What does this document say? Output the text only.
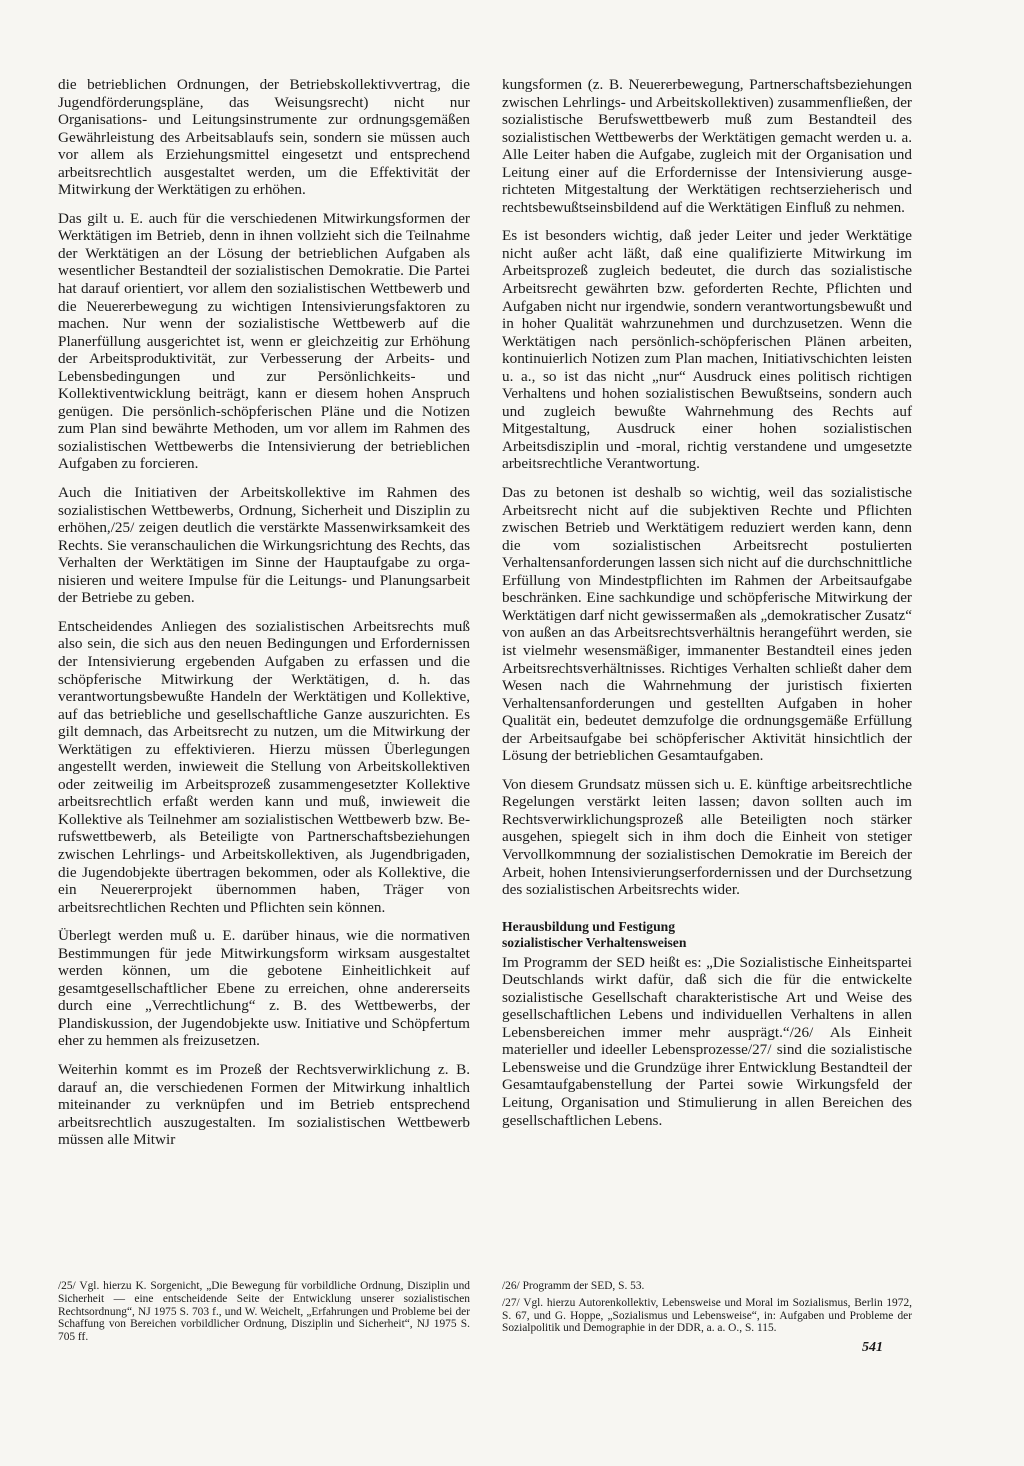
die betrieblichen Ordnungen, der Betriebskollektivvertrag, die Jugendförderungspläne, das Weisungsrecht) nicht nur Organisations- und Leitungsinstrumente zur ordnungsgemäßen Gewährleistung des Arbeitsablaufs sein, sondern sie müssen auch vor allem als Erziehungsmittel eingesetzt und entsprechend arbeitsrechtlich ausgestaltet werden, um die Effektivität der Mitwirkung der Werktätigen zu erhöhen.

Das gilt u. E. auch für die verschiedenen Mitwirkungsformen der Werktätigen im Betrieb, denn in ihnen vollzieht sich die Teilnahme der Werktätigen an der Lösung der betrieblichen Aufgaben als wesentlicher Bestandteil der sozialistischen Demokratie. Die Partei hat darauf orientiert, vor allem den sozialistischen Wettbewerb und die Neuererbewegung zu wichtigen Intensivierungsfaktoren zu machen. Nur wenn der sozialistische Wettbewerb auf die Planerfüllung ausgerichtet ist, wenn er gleichzeitig zur Erhöhung der Arbeitsproduktivität, zur Verbesserung der Arbeits- und Lebensbedingungen und zur Persönlichkeits- und Kollektiventwicklung beiträgt, kann er diesem hohen Anspruch genügen. Die persönlich-schöpferischen Pläne und die Notizen zum Plan sind bewährte Methoden, um vor allem im Rahmen des sozialistischen Wettbewerbs die Intensivierung der betrieblichen Aufgaben zu forcieren.

Auch die Initiativen der Arbeitskollektive im Rahmen des sozialistischen Wettbewerbs, Ordnung, Sicherheit und Disziplin zu erhöhen,/25/ zeigen deutlich die verstärkte Massenwirksamkeit des Rechts. Sie veranschaulichen die Wirkungsrichtung des Rechts, das Verhalten der Werktätigen im Sinne der Hauptaufgabe zu organisieren und weitere Impulse für die Leitungs- und Planungsarbeit der Betriebe zu geben.

Entscheidendes Anliegen des sozialistischen Arbeitsrechts muß also sein, die sich aus den neuen Bedingungen und Erfordernissen der Intensivierung ergebenden Aufgaben zu erfassen und die schöpferische Mitwirkung der Werktätigen, d. h. das verantwortungsbewußte Handeln der Werktätigen und Kollektive, auf das betriebliche und gesellschaftliche Ganze auszurichten. Es gilt demnach, das Arbeitsrecht zu nutzen, um die Mitwirkung der Werktätigen zu effektivieren. Hierzu müssen Überlegungen angestellt werden, inwieweit die Stellung von Arbeitskollektiven oder zeitweilig im Arbeitsprozeß zusammengesetzter Kollektive arbeitsrechtlich erfaßt werden kann und muß, inwieweit die Kollektive als Teilnehmer am sozialistischen Wettbewerb bzw. Berufswettbewerb, als Beteiligte von Partnerschaftsbeziehungen zwischen Lehrlings- und Arbeitskollektiven, als Jugendbrigaden, die Jugendobjekte übertragen bekommen, oder als Kollektive, die ein Neuererprojekt übernommen haben, Träger von arbeitsrechtlichen Rechten und Pflichten sein können.

Überlegt werden muß u. E. darüber hinaus, wie die normativen Bestimmungen für jede Mitwirkungsform wirksam ausgestaltet werden können, um die gebotene Einheitlichkeit auf gesamtgesellschaftlicher Ebene zu erreichen, ohne andererseits durch eine „Verrechtlichung“ z. B. des Wettbewerbs, der Plandiskussion, der Jugendobjekte usw. Initiative und Schöpfertum eher zu hemmen als freizusetzen.

Weiterhin kommt es im Prozeß der Rechtsverwirklichung z. B. darauf an, die verschiedenen Formen der Mitwirkung inhaltlich miteinander zu verknüpfen und im Betrieb entsprechend arbeitsrechtlich auszugestalten. Im sozialistischen Wettbewerb müssen alle Mitwir

kungsformen (z. B. Neuererbewegung, Partnerschaftsbeziehungen zwischen Lehrlings- und Arbeitskollektiven) zusammenfließen, der sozialistische Berufswettbewerb muß zum Bestandteil des sozialistischen Wettbewerbs der Werktätigen gemacht werden u. a. Alle Leiter haben die Aufgabe, zugleich mit der Organisation und Leitung einer auf die Erfordernisse der Intensivierung ausgerichteten Mitgestaltung der Werktätigen rechtserzieherisch und rechtsbewußtseinsbildend auf die Werktätigen Einfluß zu nehmen.

Es ist besonders wichtig, daß jeder Leiter und jeder Werktätige nicht außer acht läßt, daß eine qualifizierte Mitwirkung im Arbeitsprozeß zugleich bedeutet, die durch das sozialistische Arbeitsrecht gewährten bzw. geforderten Rechte, Pflichten und Aufgaben nicht nur irgendwie, sondern verantwortungsbewußt und in hoher Qualität wahrzunehmen und durchzusetzen. Wenn die Werktätigen nach persönlich-schöpferischen Plänen arbeiten, kontinuierlich Notizen zum Plan machen, Initiativschichten leisten u. a., so ist das nicht „nur“ Ausdruck eines politisch richtigen Verhaltens und hohen sozialistischen Bewußtseins, sondern auch und zugleich bewußte Wahrnehmung des Rechts auf Mitgestaltung, Ausdruck einer hohen sozialistischen Arbeitsdisziplin und -moral, richtig verstandene und umgesetzte arbeitsrechtliche Verantwortung.

Das zu betonen ist deshalb so wichtig, weil das sozialistische Arbeitsrecht nicht auf die subjektiven Rechte und Pflichten zwischen Betrieb und Werktätigem reduziert werden kann, denn die vom sozialistischen Arbeitsrecht postulierten Verhaltensanforderungen lassen sich nicht auf die durchschnittliche Erfüllung von Mindestpflichten im Rahmen der Arbeitsaufgabe beschränken. Eine sachkundige und schöpferische Mitwirkung der Werktätigen darf nicht gewissermaßen als „demokratischer Zusatz“ von außen an das Arbeitsrechtsverhältnis herangeführt werden, sie ist vielmehr wesensmäßiger, immanenter Bestandteil eines jeden Arbeitsrechtsverhältnisses. Richtiges Verhalten schließt daher dem Wesen nach die Wahrnehmung der juristisch fixierten Verhaltensanforderungen und gestellten Aufgaben in hoher Qualität ein, bedeutet demzufolge die ordnungsgemäße Erfüllung der Arbeitsaufgabe bei schöpferischer Aktivität hinsichtlich der Lösung der betrieblichen Gesamtaufgaben.

Von diesem Grundsatz müssen sich u. E. künftige arbeitsrechtliche Regelungen verstärkt leiten lassen; davon sollten auch im Rechtsverwirklichungsprozeß alle Beteiligten noch stärker ausgehen, spiegelt sich in ihm doch die Einheit von stetiger Vervollkommnung der sozialistischen Demokratie im Bereich der Arbeit, hohen Intensivierungserfordernissen und der Durchsetzung des sozialistischen Arbeitsrechts wider.

Herausbildung und Festigung
sozialistischer Verhaltensweisen

Im Programm der SED heißt es: „Die Sozialistische Einheitspartei Deutschlands wirkt dafür, daß sich die für die entwickelte sozialistische Gesellschaft charakteristische Art und Weise des gesellschaftlichen Lebens und individuellen Verhaltens in allen Lebensbereichen immer mehr ausprägt.“/26/ Als Einheit materieller und ideeller Lebensprozesse/27/ sind die sozialistische Lebensweise und die Grundzüge ihrer Entwicklung Bestandteil der Gesamtaufgabenstellung der Partei sowie Wirkungsfeld der Leitung, Organisation und Stimulierung in allen Bereichen des gesellschaftlichen Lebens.

/25/ Vgl. hierzu K. Sorgenicht, „Die Bewegung für vorbildliche Ordnung, Disziplin und Sicherheit — eine entscheidende Seite der Entwicklung unserer sozialistischen Rechtsordnung“, NJ 1975 S. 703 f., und W. Weichelt, „Erfahrungen und Probleme bei der Schaffung von Bereichen vorbildlicher Ordnung, Disziplin und Sicherheit“, NJ 1975 S. 705 ff.

/26/ Programm der SED, S. 53.

/27/ Vgl. hierzu Autorenkollektiv, Lebensweise und Moral im Sozialismus, Berlin 1972, S. 67, und G. Hoppe, „Sozialismus und Lebensweise“, in: Aufgaben und Probleme der Sozialpolitik und Demographie in der DDR, a. a. O., S. 115.

541
